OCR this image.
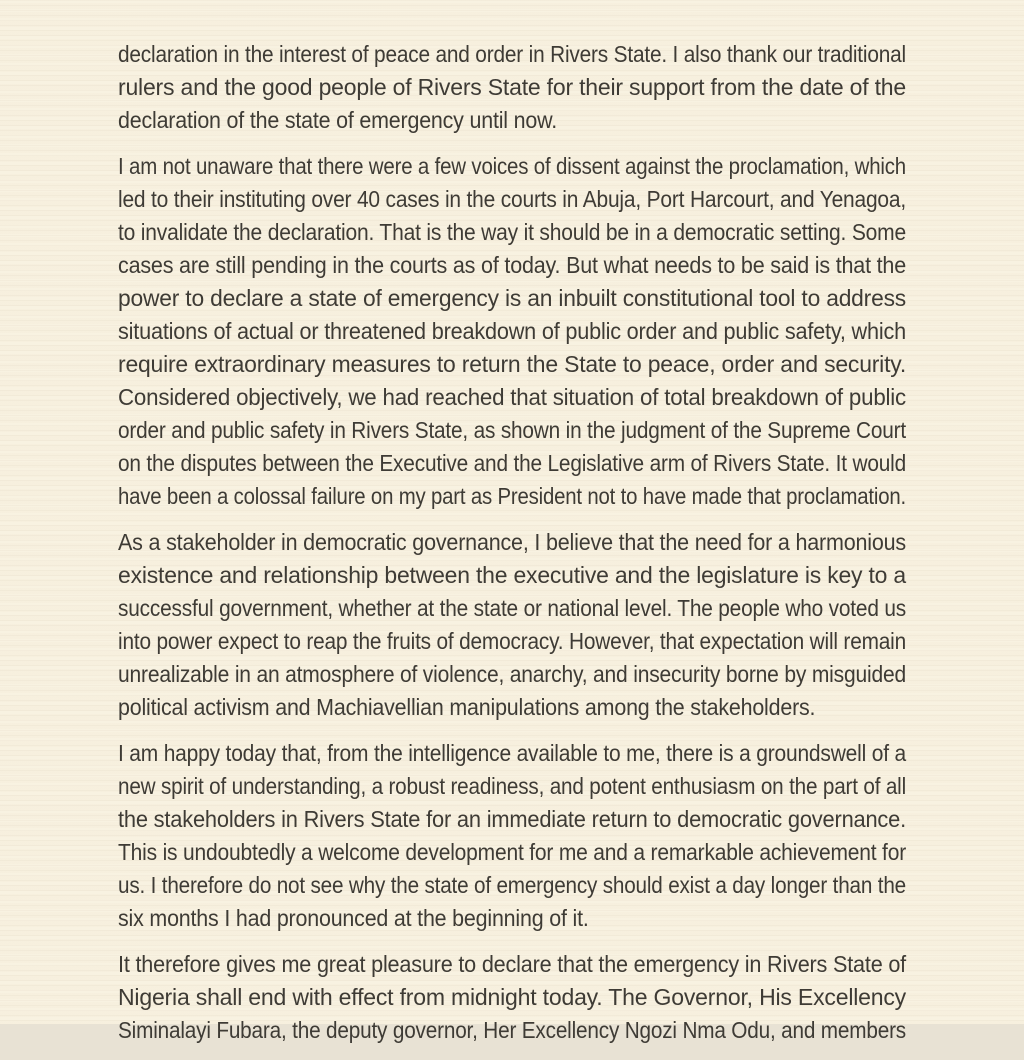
declaration in the interest of peace and order in Rivers State. I also thank our traditional
rulers and the good people of Rivers State for their support from the date of the
declaration of the state of emergency until now.
I am not unaware that there were a few voices of dissent against the proclamation, which
led to their instituting over 40 cases in the courts in Abuja, Port Harcourt, and Yenagoa,
to invalidate the declaration. That is the way it should be in a democratic setting. Some
cases are still pending in the courts as of today. But what needs to be said is that the
power to declare a state of emergency is an inbuilt constitutional tool to address
situations of actual or threatened breakdown of public order and public safety, which
require extraordinary measures to return the State to peace, order and security.
Considered objectively, we had reached that situation of total breakdown of public
order and public safety in Rivers State, as shown in the judgment of the Supreme Court
on the disputes between the Executive and the Legislative arm of Rivers State. It would
have been a colossal failure on my part as President not to have made that proclamation.
As a stakeholder in democratic governance, I believe that the need for a harmonious
existence and relationship between the executive and the legislature is key to a
successful government, whether at the state or national level. The people who voted us
into power expect to reap the fruits of democracy. However, that expectation will remain
unrealizable in an atmosphere of violence, anarchy, and insecurity borne by misguided
political activism and Machiavellian manipulations among the stakeholders.
I am happy today that, from the intelligence available to me, there is a groundswell of a
new spirit of understanding, a robust readiness, and potent enthusiasm on the part of all
the stakeholders in Rivers State for an immediate return to democratic governance.
This is undoubtedly a welcome development for me and a remarkable achievement for
us. I therefore do not see why the state of emergency should exist a day longer than the
six months I had pronounced at the beginning of it.
It therefore gives me great pleasure to declare that the emergency in Rivers State of
Nigeria shall end with effect from midnight today. The Governor, His Excellency
Siminalayi Fubara, the deputy governor, Her Excellency Ngozi Nma Odu, and members
